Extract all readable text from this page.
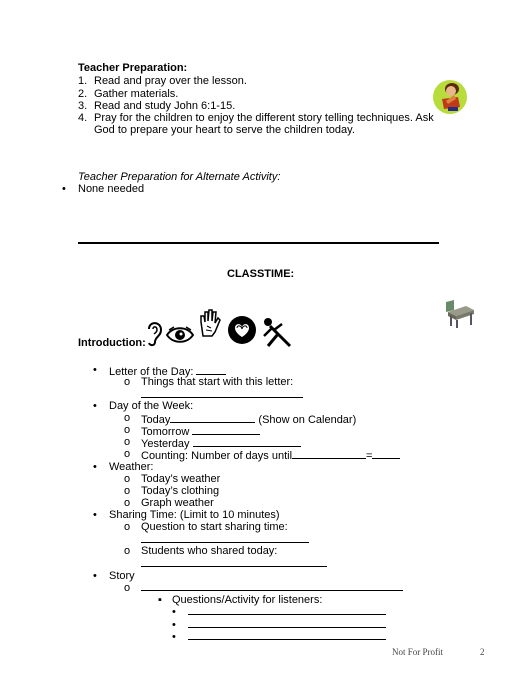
Teacher Preparation:
1. Read and pray over the lesson.
2. Gather materials.
3. Read and study John 6:1-15.
4. Pray for the children to enjoy the different story telling techniques. Ask
God to prepare your heart to serve the children today.
Teacher Preparation for Alternate Activity:
• None needed
CLASSTIME:
Introduction:
• Letter of the Day:
o Things that start with this letter:
• Day of the Week:
o Today	(Show on Calendar)
o Tomorrow
o Yesterday
o Counting: Number of days until	=
• Weather:
o Today’s weather
o Today’s clothing
o Graph weather
• Sharing Time: (Limit to 10 minutes)
o Question to start sharing time:
o Students who shared today:
• Story
o
▪ Questions/Activity for listeners:
•
•
•
Not For Profit	2
